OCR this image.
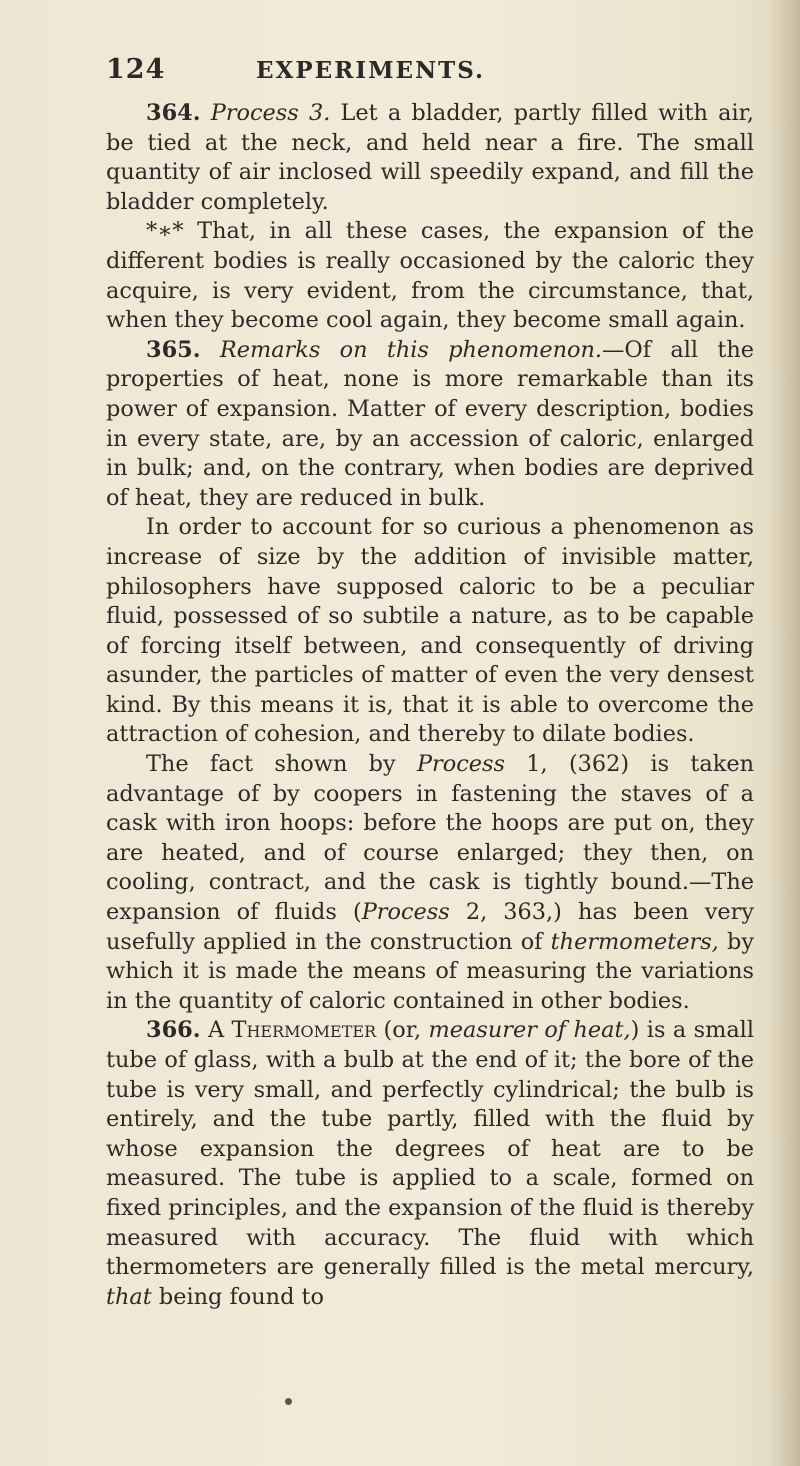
124	EXPERIMENTS.

364. Process 3. Let a bladder, partly filled with air, be tied at the neck, and held near a fire. The small quantity of air inclosed will speedily expand, and fill the bladder completely.

*∗* That, in all these cases, the expansion of the different bodies is really occasioned by the caloric they acquire, is very evident, from the circumstance, that, when they become cool again, they become small again.

365. Remarks on this phenomenon.—Of all the properties of heat, none is more remarkable than its power of expansion. Matter of every description, bodies in every state, are, by an accession of caloric, enlarged in bulk; and, on the contrary, when bodies are deprived of heat, they are reduced in bulk.

In order to account for so curious a phenomenon as increase of size by the addition of invisible matter, philosophers have supposed caloric to be a peculiar fluid, possessed of so subtile a nature, as to be capable of forcing itself between, and consequently of driving asunder, the particles of matter of even the very densest kind. By this means it is, that it is able to overcome the attraction of cohesion, and thereby to dilate bodies.

The fact shown by Process 1, (362) is taken advantage of by coopers in fastening the staves of a cask with iron hoops: before the hoops are put on, they are heated, and of course enlarged; they then, on cooling, contract, and the cask is tightly bound.—The expansion of fluids (Process 2, 363,) has been very usefully applied in the construction of thermometers, by which it is made the means of measuring the variations in the quantity of caloric contained in other bodies.

366. A Thermometer (or, measurer of heat,) is a small tube of glass, with a bulb at the end of it; the bore of the tube is very small, and perfectly cylindrical; the bulb is entirely, and the tube partly, filled with the fluid by whose expansion the degrees of heat are to be measured. The tube is applied to a scale, formed on fixed principles, and the expansion of the fluid is thereby measured with accuracy. The fluid with which thermometers are generally filled is the metal mercury, that being found to
